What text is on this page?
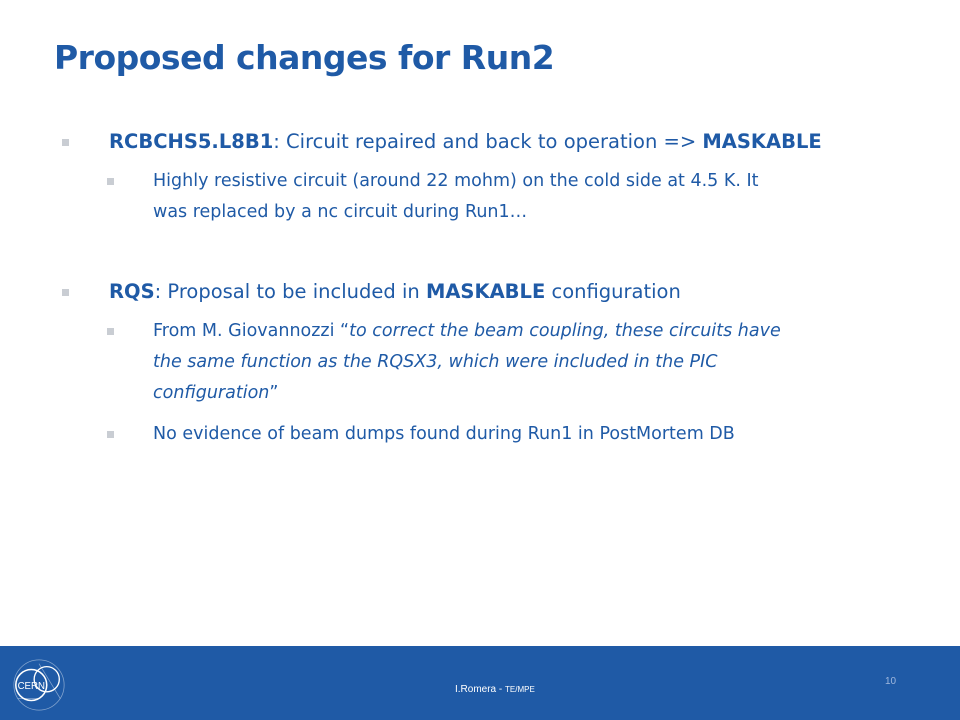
Proposed changes for Run2
RCBCHS5.L8B1: Circuit repaired and back to operation => MASKABLE
Highly resistive circuit (around 22 mohm) on the cold side at 4.5 K. It
was replaced by a nc circuit during Run1…
RQS: Proposal to be included in MASKABLE configuration
From M. Giovannozzi “to correct the beam coupling, these circuits have
the same function as the RQSX3, which were included in the PIC
configuration”
No evidence of beam dumps found during Run1 in PostMortem DB
CERN	I.Romera - TE/MPE
10
